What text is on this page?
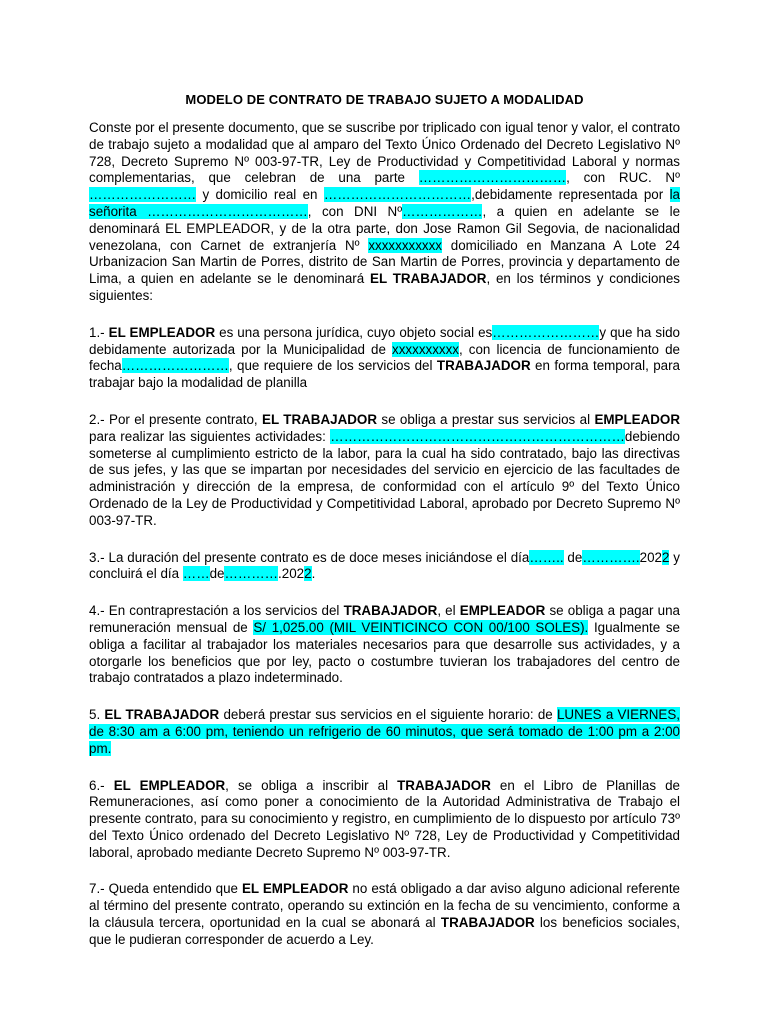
MODELO DE CONTRATO DE TRABAJO SUJETO A MODALIDAD

Conste por el presente documento, que se suscribe por triplicado con igual tenor y valor, el contrato de trabajo sujeto a modalidad que al amparo del Texto Único Ordenado del Decreto Legislativo Nº 728, Decreto Supremo Nº 003-97-TR, Ley de Productividad y Competitividad Laboral y normas complementarias, que celebran de una parte ……………………………, con RUC. Nº …………………… y domicilio real en ……………………………,debidamente representada por la señorita ………………………………, con DNI Nº………………, a quien en adelante se le denominará EL EMPLEADOR, y de la otra parte, don Jose Ramon Gil Segovia, de nacionalidad venezolana, con Carnet de extranjería Nº xxxxxxxxxxx domiciliado en Manzana A Lote 24 Urbanizacion San Martin de Porres, distrito de San Martin de Porres, provincia y departamento de Lima, a quien en adelante se le denominará EL TRABAJADOR, en los términos y condiciones siguientes:

1.- EL EMPLEADOR es una persona jurídica, cuyo objeto social es……………………y que ha sido debidamente autorizada por la Municipalidad de xxxxxxxxxx, con licencia de funcionamiento de fecha……………………, que requiere de los servicios del TRABAJADOR en forma temporal, para trabajar bajo la modalidad de planilla

2.- Por el presente contrato, EL TRABAJADOR se obliga a prestar sus servicios al EMPLEADOR para realizar las siguientes actividades: …………………………………………………………debiendo someterse al cumplimiento estricto de la labor, para la cual ha sido contratado, bajo las directivas de sus jefes, y las que se impartan por necesidades del servicio en ejercicio de las facultades de administración y dirección de la empresa, de conformidad con el artículo 9º del Texto Único Ordenado de la Ley de Productividad y Competitividad Laboral, aprobado por Decreto Supremo Nº 003-97-TR.

3.- La duración del presente contrato es de doce meses iniciándose el día…….. de………….2022 y concluirá el día ……de………….2022.

4.- En contraprestación a los servicios del TRABAJADOR, el EMPLEADOR se obliga a pagar una remuneración mensual de S/ 1,025.00 (MIL VEINTICINCO CON 00/100 SOLES). Igualmente se obliga a facilitar al trabajador los materiales necesarios para que desarrolle sus actividades, y a otorgarle los beneficios que por ley, pacto o costumbre tuvieran los trabajadores del centro de trabajo contratados a plazo indeterminado.

5. EL TRABAJADOR deberá prestar sus servicios en el siguiente horario: de LUNES a VIERNES, de 8:30 am a 6:00 pm, teniendo un refrigerio de 60 minutos, que será tomado de 1:00 pm a 2:00 pm.

6.- EL EMPLEADOR, se obliga a inscribir al TRABAJADOR en el Libro de Planillas de Remuneraciones, así como poner a conocimiento de la Autoridad Administrativa de Trabajo el presente contrato, para su conocimiento y registro, en cumplimiento de lo dispuesto por artículo 73º del Texto Único ordenado del Decreto Legislativo Nº 728, Ley de Productividad y Competitividad laboral, aprobado mediante Decreto Supremo Nº 003-97-TR.

7.- Queda entendido que EL EMPLEADOR no está obligado a dar aviso alguno adicional referente al término del presente contrato, operando su extinción en la fecha de su vencimiento, conforme a la cláusula tercera, oportunidad en la cual se abonará al TRABAJADOR los beneficios sociales, que le pudieran corresponder de acuerdo a Ley.
